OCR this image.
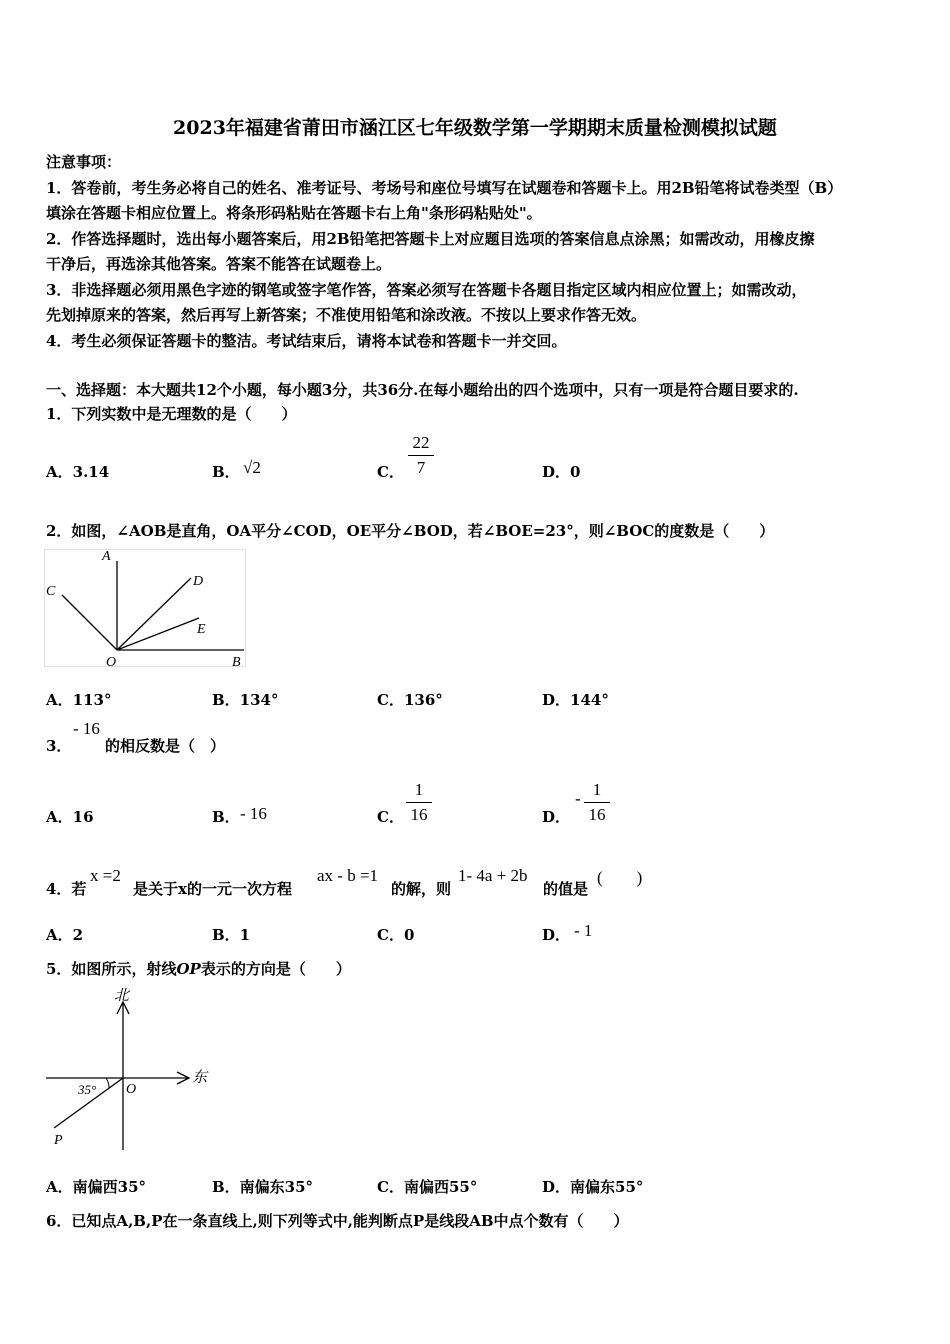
2023年福建省莆田市涵江区七年级数学第一学期期末质量检测模拟试题
注意事项：
1．答卷前，考生务必将自己的姓名、准考证号、考场号和座位号填写在试题卷和答题卡上。用2B铅笔将试卷类型（B）
填涂在答题卡相应位置上。将条形码粘贴在答题卡右上角"条形码粘贴处"。
2．作答选择题时，选出每小题答案后，用2B铅笔把答题卡上对应题目选项的答案信息点涂黑；如需改动，用橡皮擦
干净后，再选涂其他答案。答案不能答在试题卷上。
3．非选择题必须用黑色字迹的钢笔或签字笔作答，答案必须写在答题卡各题目指定区域内相应位置上；如需改动，
先划掉原来的答案，然后再写上新答案；不准使用铅笔和涂改液。不按以上要求作答无效。
4．考生必须保证答题卡的整洁。考试结束后，请将本试卷和答题卡一并交回。
一、选择题：本大题共12个小题，每小题3分，共36分.在每小题给出的四个选项中，只有一项是符合题目要求的.
1．下列实数中是无理数的是（　　）
A．3.14	B． √2	C．
22
7	D．0
2．如图，∠AOB是直角，OA平分∠COD，OE平分∠BOD，若∠BOE=23°，则∠BOC的度数是（　　）
A
B
C
D
E
O
A．113°	B．134°	C．136°	D．144°
3．
- 16
的相反数是（　）
A．16	B． - 16	C．
1
16	D．
- 1
16
4．若
x =2
是关于x的一元一次方程
ax - b =1
的解，则
1- 4a + 2b
的值是
(　　)
A．2	B．1	C．0	D． - 1
5．如图所示，射线OP表示的方向是（　　）
北
东
35° O
P
A．南偏西35°	B．南偏东35°	C．南偏西55°	D．南偏东55°
6．已知点A,B,P在一条直线上,则下列等式中,能判断点P是线段AB中点个数有（　　）
